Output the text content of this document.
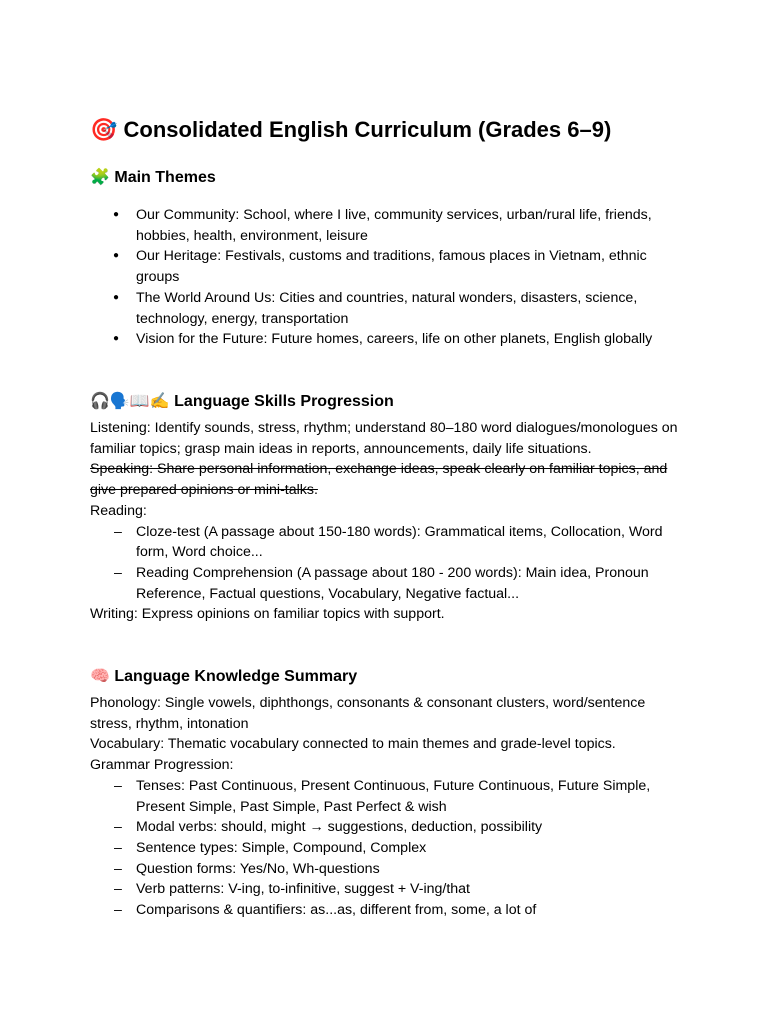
🎯 Consolidated English Curriculum (Grades 6–9)
🧩 Main Themes
● Our Community: School, where I live, community services, urban/rural life, friends, hobbies, health, environment, leisure
● Our Heritage: Festivals, customs and traditions, famous places in Vietnam, ethnic groups
● The World Around Us: Cities and countries, natural wonders, disasters, science, technology, energy, transportation
● Vision for the Future: Future homes, careers, life on other planets, English globally
🎧🗣️📖✍️ Language Skills Progression

Listening: Identify sounds, stress, rhythm; understand 80–180 word dialogues/monologues on familiar topics; grasp main ideas in reports, announcements, daily life situations.

Speaking: Share personal information, exchange ideas, speak clearly on familiar topics, and give prepared opinions or mini-talks.

Reading:

– Cloze-test (A passage about 150-180 words): Grammatical items, Collocation, Word form, Word choice...
– Reading Comprehension (A passage about 180 - 200 words): Main idea, Pronoun Reference, Factual questions, Vocabulary, Negative factual...

Writing: Express opinions on familiar topics with support.

🧠 Language Knowledge Summary

Phonology: Single vowels, diphthongs, consonants & consonant clusters, word/sentence stress, rhythm, intonation

Vocabulary: Thematic vocabulary connected to main themes and grade-level topics.

Grammar Progression:

– Tenses: Past Continuous, Present Continuous, Future Continuous, Future Simple, Present Simple, Past Simple, Past Perfect & wish
– Modal verbs: should, might → suggestions, deduction, possibility
– Sentence types: Simple, Compound, Complex
– Question forms: Yes/No, Wh-questions
– Verb patterns: V-ing, to-infinitive, suggest + V-ing/that
– Comparisons & quantifiers: as...as, different from, some, a lot of
